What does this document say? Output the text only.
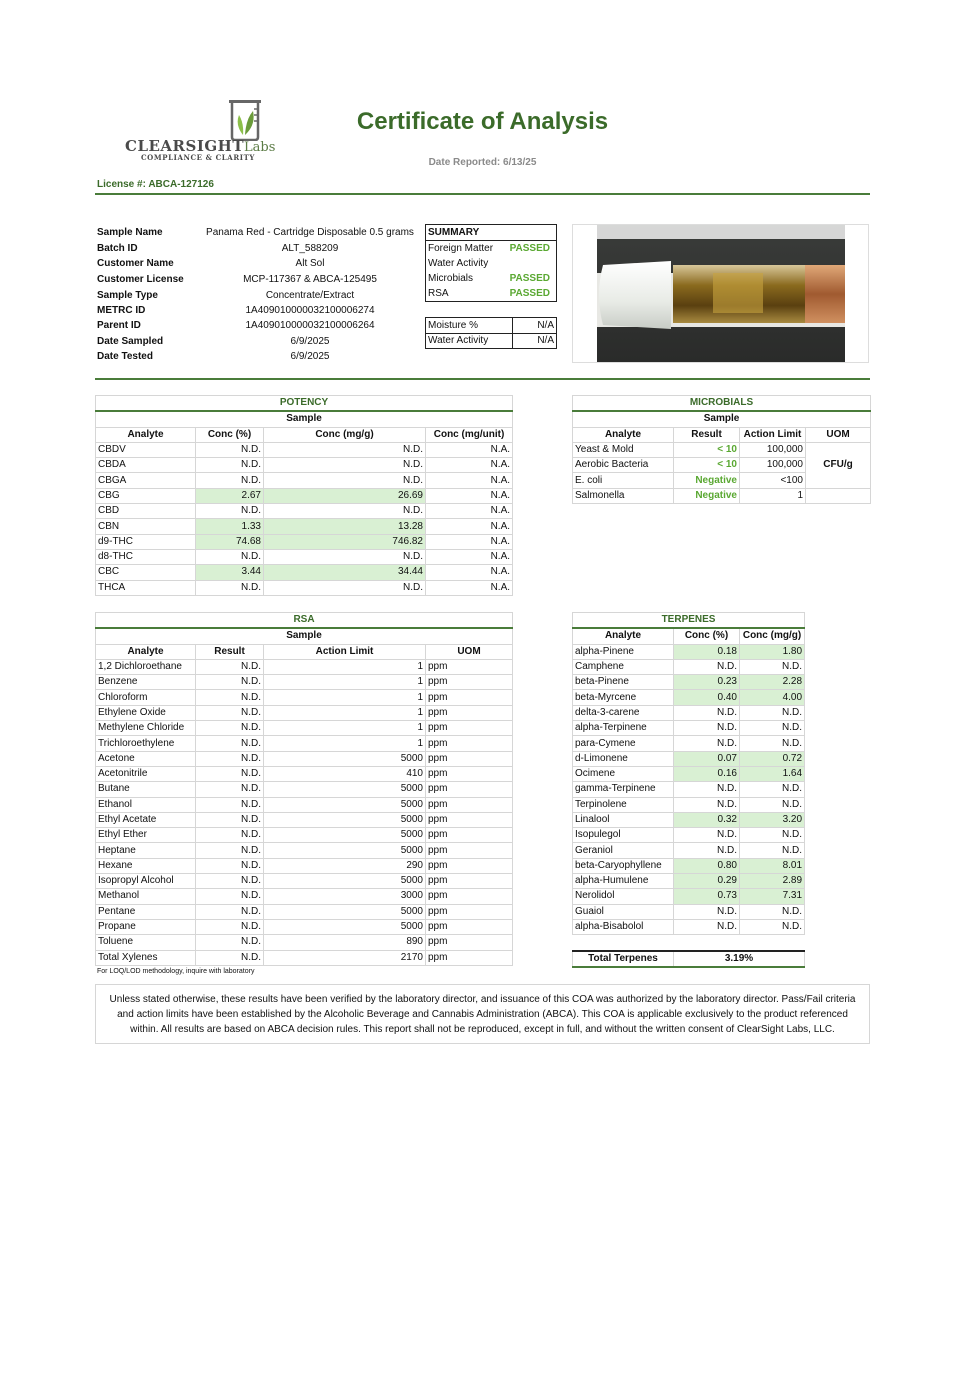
CLEARSIGHTLabs
COMPLIANCE & CLARITY
Certificate of Analysis
Date Reported: 6/13/25
License #: ABCA-127126
Sample Name	Panama Red - Cartridge Disposable 0.5 grams
Batch ID	ALT_588209
Customer Name	Alt Sol
Customer License	MCP-117367 & ABCA-125495
Sample Type	Concentrate/Extract
METRC ID	1A409010000032100006274
Parent ID	1A409010000032100006264
Date Sampled	6/9/2025
Date Tested	6/9/2025
SUMMARY
Foreign Matter PASSED
Water Activity
Microbials	PASSED
RSA	PASSED
Moisture %	N/A
Water Activity	N/A
POTENCY			
Sample			
Analyte	Conc (%)	Conc (mg/g)	Conc (mg/unit)
CBDV	N.D.	N.D.	N.A.
CBDA	N.D.	N.D.	N.A.
CBGA	N.D.	N.D.	N.A.
CBG	2.67	26.69	N.A.
CBD	N.D.	N.D.	N.A.
CBN	1.33	13.28	N.A.
d9-THC	74.68	746.82	N.A.
d8-THC	N.D.	N.D.	N.A.
CBC	3.44	34.44	N.A.
THCA	N.D.	N.D.	N.A.
MICROBIALS			
Sample			
Analyte	Result	Action Limit	UOM
Yeast & Mold	< 10	100,000	CFU/g
Aerobic Bacteria	< 10	100,000	
E. coli	Negative	<100	
Salmonella	Negative	1	
RSA			
Sample			
Analyte	Result	Action Limit	UOM
1,2 Dichloroethane	N.D.	1	ppm
Benzene	N.D.	1	ppm
Chloroform	N.D.	1	ppm
Ethylene Oxide	N.D.	1	ppm
Methylene Chloride	N.D.	1	ppm
Trichloroethylene	N.D.	1	ppm
Acetone	N.D.	5000	ppm
Acetonitrile	N.D.	410	ppm
Butane	N.D.	5000	ppm
Ethanol	N.D.	5000	ppm
Ethyl Acetate	N.D.	5000	ppm
Ethyl Ether	N.D.	5000	ppm
Heptane	N.D.	5000	ppm
Hexane	N.D.	290	ppm
Isopropyl Alcohol	N.D.	5000	ppm
Methanol	N.D.	3000	ppm
Pentane	N.D.	5000	ppm
Propane	N.D.	5000	ppm
Toluene	N.D.	890	ppm
Total Xylenes	N.D.	2170	ppm
TERPENES		
Analyte	Conc (%)	Conc (mg/g)
alpha-Pinene	0.18	1.80
Camphene	N.D.	N.D.
beta-Pinene	0.23	2.28
beta-Myrcene	0.40	4.00
delta-3-carene	N.D.	N.D.
alpha-Terpinene	N.D.	N.D.
para-Cymene	N.D.	N.D.
d-Limonene	0.07	0.72
Ocimene	0.16	1.64
gamma-Terpinene	N.D.	N.D.
Terpinolene	N.D.	N.D.
Linalool	0.32	3.20
Isopulegol	N.D.	N.D.
Geraniol	N.D.	N.D.
beta-Caryophyllene	0.80	8.01
alpha-Humulene	0.29	2.89
Nerolidol	0.73	7.31
Guaiol	N.D.	N.D.
alpha-Bisabolol	N.D.	N.D.

Total Terpenes	3.19%	
For LOQ/LOD methodology, inquire with laboratory
Unless stated otherwise, these results have been verified by the laboratory director, and issuance of this COA was authorized by the laboratory director. Pass/Fail criteria and action limits have been established by the Alcoholic Beverage and Cannabis Administration (ABCA). This COA is applicable exclusively to the product referenced within. All results are based on ABCA decision rules. This report shall not be reproduced, except in full, and without the written consent of ClearSight Labs, LLC.
